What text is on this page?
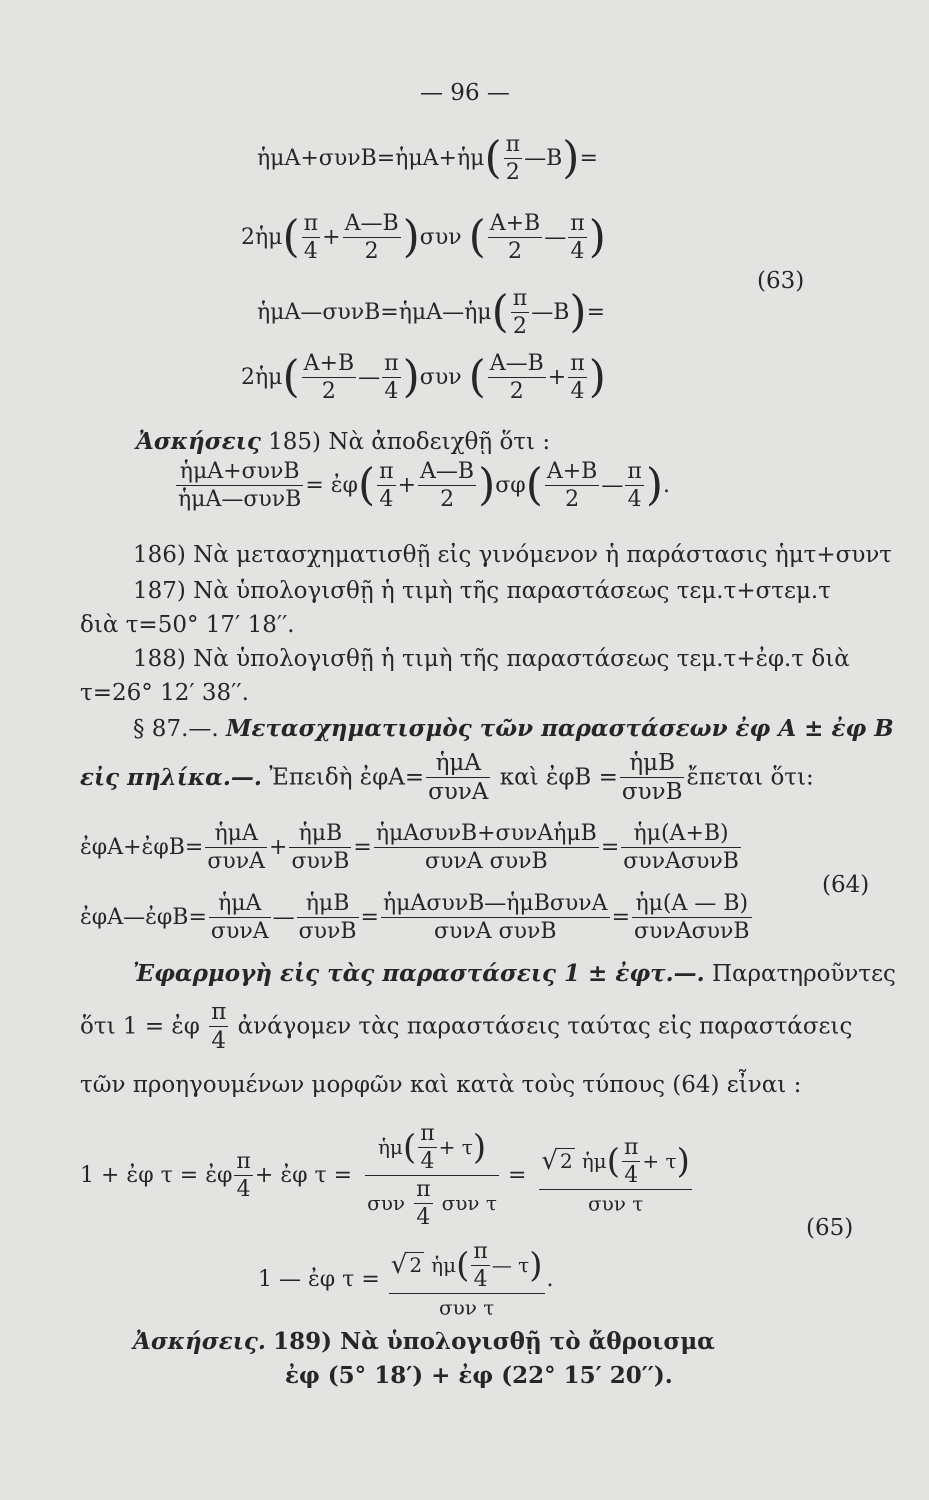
— 96 —
ἡμA+συνB=ἡμA+ἡμ( $\frac{\pi}{2}$ —B)=
2ἡμ( $\frac{\pi}{4} + \frac{A—B}{2} )\sigma\upsilon\nu$ ( $\frac{A+B}{2}$ — $\frac{\pi}{4}$ )
ἡμA—συνB=ἡμA—ἡμ( $\frac{\pi}{2}$ —B)=
2ἡμ( $\frac{A+B}{2}$ — $\frac{\pi}{4} )\sigma\upsilon\nu$ ( $\frac{A—B}{2} + \frac{\pi}{4}$ )
(63)
Ἀσκήσεις 185) Νὰ ἀποδειχθῇ ὅτι :
$\frac{\text{ἡμA+συνB}}{\text{ἡμA—συνB}}$ = ἐφ( $\frac{\pi}{4} + \frac{A—B}{2} )\sigma\varphi( \frac{A+B}{2}$ — $\frac{\pi}{4}$ ).
186) Νὰ μετασχηματισθῇ εἰς γινόμενον ἡ παράστασις ἡμτ+συντ
187) Νὰ ὑπολογισθῇ ἡ τιμὴ τῆς παραστάσεως τεμ.τ+στεμ.τ
διὰ τ=50° 17′ 18′′.
188) Νὰ ὑπολογισθῇ ἡ τιμὴ τῆς παραστάσεως τεμ.τ+ἐφ.τ διὰ
τ=26° 12′ 38′′.
§ 87.—. Μετασχηματισμὸς τῶν παραστάσεων ἐφ A ± ἐφ B
εἰς πηλίκα.—. Ἐπειδὴ ἐφA= $\frac{\text{ἡμA}}{\text{συνA}}$ καὶ ἐφB = $\frac{\text{ἡμB}}{\text{συνB}}$ ἔπεται ὅτι:
ἐφA+ἐφB= $\frac{\text{ἡμA}}{\text{συνA}} + \frac{\text{ἡμB}}{\text{συνB}} = \frac{\text{ἡμAσυνB+συνAἡμB}}{\text{συνA συνB}} = \frac{\text{ἡμ(A+B)}}{\text{συνAσυνB}}$
ἐφA—ἐφB= $\frac{\text{ἡμA}}{\text{συνA}}$ — $\frac{\text{ἡμB}}{\text{συνB}} = \frac{\text{ἡμAσυνB—ἡμBσυνA}}{\text{συνA συνB}} = \frac{\text{ἡμ(A — B)}}{\text{συνAσυνB}}$
(64)
Ἐφαρμογὴ εἰς τὰς παραστάσεις 1 ± ἐφτ.—. Παρατηροῦντες
ὅτι 1 = ἐφ $\frac{\pi}{4}$ ἀνάγομεν τὰς παραστάσεις ταύτας εἰς παραστάσεις
τῶν προηγουμένων μορφῶν καὶ κατὰ τοὺς τύπους (64) εἶναι :
1 + ἐφ τ = ἐφ $\frac{\pi}{4}$ + ἐφ $\tau = \frac{ἡ\mu( \frac{\pi}{4} + \tau)}{\sigma\upsilon\nu \frac{\pi}{4} \sigma\upsilon\nu \tau} = \frac{√ 2 ἡ\mu( \frac{\pi}{4} + \tau)}{\text{συν τ}}$
1 — ἐφ $\tau = \frac{√ 2 ἡ\mu( \frac{\pi}{4} — \tau)}{\text{συν τ}}$ .
(65)
Ἀσκήσεις. 189) Νὰ ὑπολογισθῇ τὸ ἄθροισμα
ἐφ (5° 18′) + ἐφ (22° 15′ 20′′).
